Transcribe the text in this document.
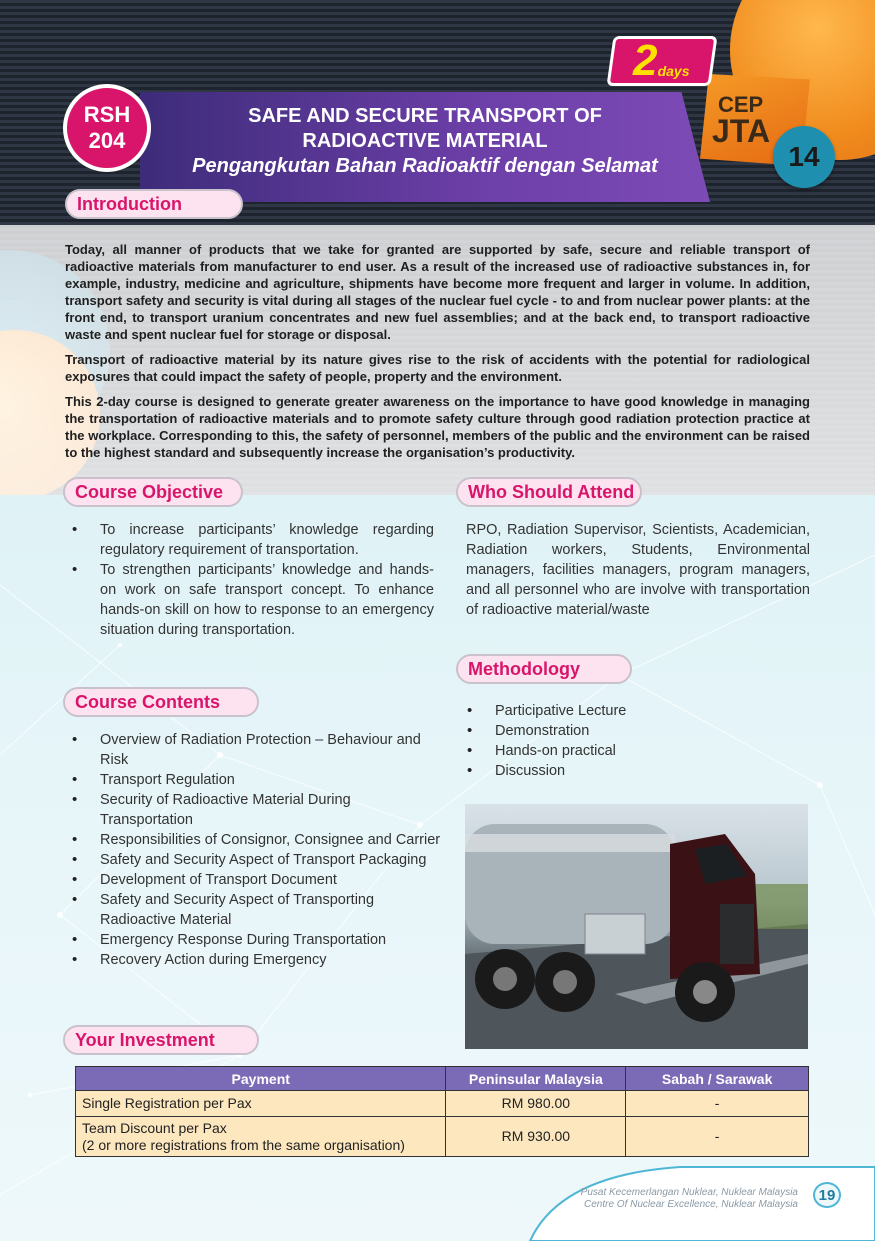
RSH
204
SAFE AND SECURE TRANSPORT OF
RADIOACTIVE MATERIAL
Pengangkutan Bahan Radioaktif dengan Selamat
2 days
CEP
JTA
14
Introduction

Today, all manner of products that we take for granted are supported by safe, secure and reliable transport of radioactive materials from manufacturer to end user. As a result of the increased use of radioactive substances in, for example, industry, medicine and agriculture, shipments have become more frequent and larger in volume. In addition, transport safety and security is vital during all stages of the nuclear fuel cycle - to and from nuclear power plants: at the front end, to transport uranium concentrates and new fuel assemblies; and at the back end, to transport radioactive waste and spent nuclear fuel for storage or disposal.

Transport of radioactive material by its nature gives rise to the risk of accidents with the potential for radiological exposures that could impact the safety of people, property and the environment.

This 2-day course is designed to generate greater awareness on the importance to have good knowledge in managing the transportation of radioactive materials and to promote safety culture through good radiation protection practice at the workplace. Corresponding to this, the safety of personnel, members of the public and the environment can be raised to the highest standard and subsequently increase the organisation’s productivity.

Course Objective
• To increase participants’ knowledge regarding regulatory requirement of transportation.
• To strengthen participants’ knowledge and hands-on work on safe transport concept. To enhance hands-on skill on how to response to an emergency situation during transportation.
Who Should Attend
RPO, Radiation Supervisor, Scientists, Academician, Radiation workers, Students, Environmental managers, facilities managers, program managers, and all personnel who are involve with transportation of radioactive material/waste
Methodology
• Participative Lecture
• Demonstration
• Hands-on practical
• Discussion
Course Contents
• Overview of Radiation Protection – Behaviour and Risk
• Transport Regulation
• Security of Radioactive Material During Transportation
• Responsibilities of Consignor, Consignee and Carrier
• Safety and Security Aspect of Transport Packaging
• Development of Transport Document
• Safety and Security Aspect of Transporting Radioactive Material
• Emergency Response During Transportation
• Recovery Action during Emergency
Your Investment
Payment	Peninsular Malaysia	Sabah / Sarawak
Single Registration per Pax	RM 980.00	-

Team Discount per Pax
(2 or more registrations from the same organisation)	RM 930.00	-
Pusat Kecemerlangan Nuklear, Nuklear Malaysia
Centre Of Nuclear Excellence, Nuklear Malaysia
19
